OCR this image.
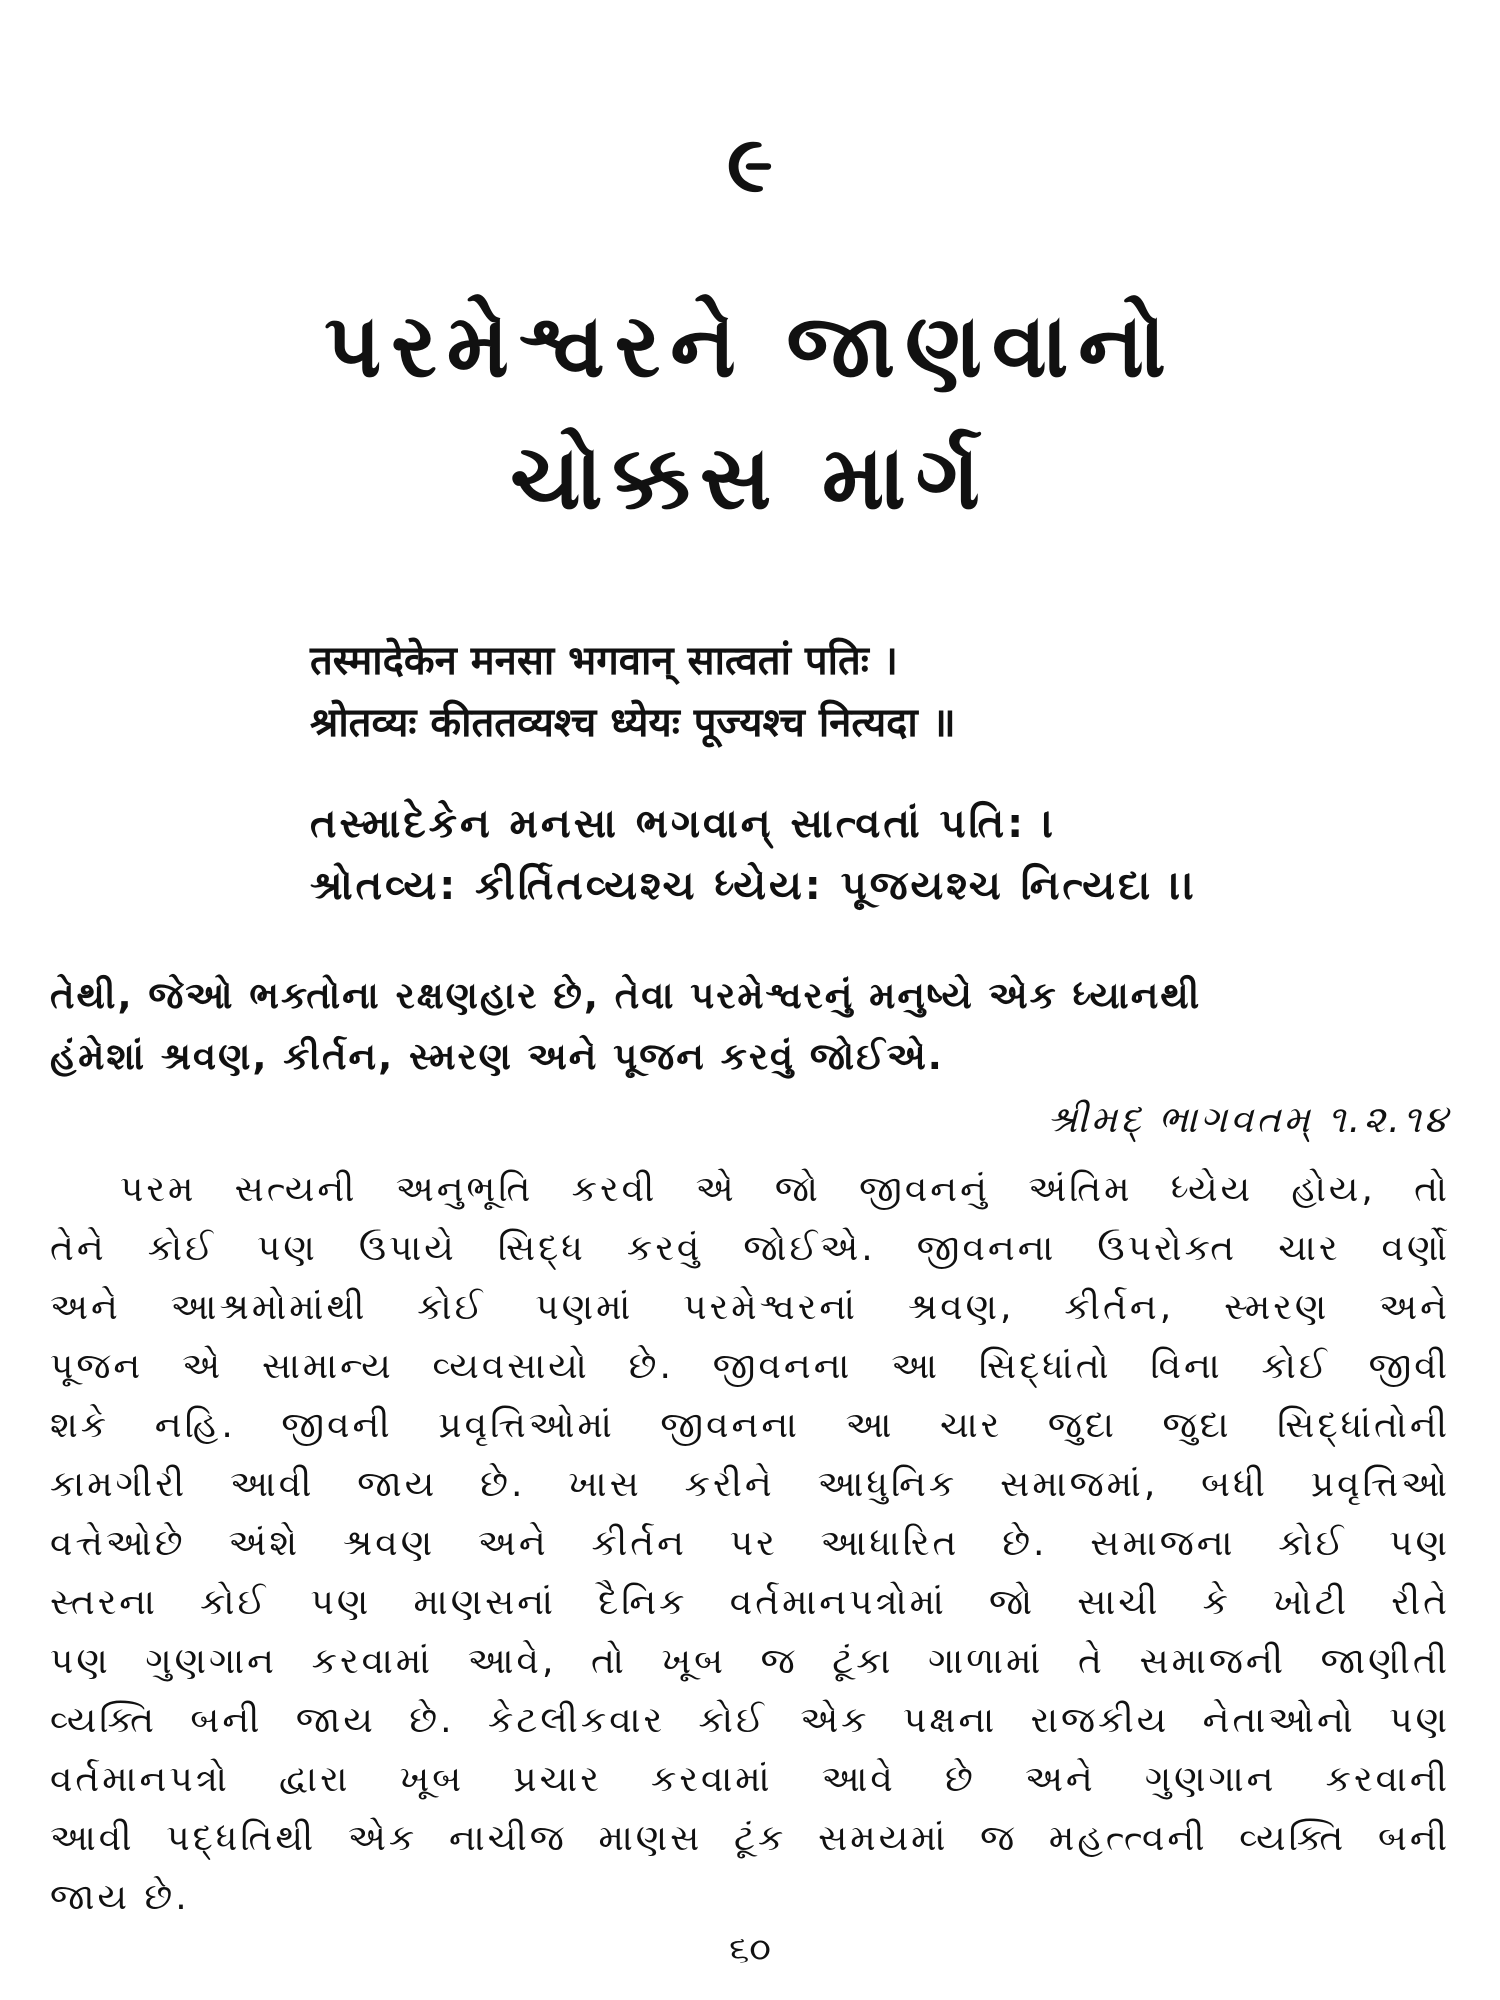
૯
પરમેશ્વરને જાણવાનો
ચોક્કસ માર્ગ
तस्मादेकेन मनसा भगवान् सात्वतां पतिः ।
श्रोतव्यः कीततव्यश्च ध्येयः पूज्यश्च नित्यदा ॥
તસ્માદેકેન મનસા ભગવાન્ સાત્વતાં પતિ: ।
શ્રોતવ્ય: કીર્તિતવ્યશ્ચ ધ્યેય: પૂજયશ્ચ નિત્યદા ।।
તેથી, જેઓ ભક્તોના રક્ષણહાર છે, તેવા પરમેશ્વરનું મનુષ્યે એક ધ્યાનથી
હંમેશાં શ્રવણ, કીર્તન, સ્મરણ અને પૂજન કરવું જોઈએ.
શ્રીમદ્ ભાગવતમ્ ૧.૨.૧૪
પરમ સત્યની અનુભૂતિ કરવી એ જો જીવનનું અંતિમ ધ્યેય હોય, તો
તેને કોઈ પણ ઉપાયે સિદ્ધ કરવું જોઈએ. જીવનના ઉપરોક્ત ચાર વર્ણો
અને આશ્રમોમાંથી કોઈ પણમાં પરમેશ્વરનાં શ્રવણ, કીર્તન, સ્મરણ અને
પૂજન એ સામાન્ય વ્યવસાયો છે. જીવનના આ સિદ્ધાંતો વિના કોઈ જીવી
શકે નહિ. જીવની પ્રવૃત્તિઓમાં જીવનના આ ચાર જુદા જુદા સિદ્ધાંતોની
કામગીરી આવી જાય છે. ખાસ કરીને આધુનિક સમાજમાં, બધી પ્રવૃત્તિઓ
વત્તેઓછે અંશે શ્રવણ અને કીર્તન પર આધારિત છે. સમાજના કોઈ પણ
સ્તરના કોઈ પણ માણસનાં દૈનિક વર્તમાનપત્રોમાં જો સાચી કે ખોટી રીતે
પણ ગુણગાન કરવામાં આવે, તો ખૂબ જ ટૂંકા ગાળામાં તે સમાજની જાણીતી
વ્યક્તિ બની જાય છે. કેટલીકવાર કોઈ એક પક્ષના રાજકીય નેતાઓનો પણ
વર્તમાનપત્રો દ્વારા ખૂબ પ્રચાર કરવામાં આવે છે અને ગુણગાન કરવાની
આવી પદ્ધતિથી એક નાચીજ માણસ ટૂંક સમયમાં જ મહત્ત્વની વ્યક્તિ બની
જાય છે.
૬૦
